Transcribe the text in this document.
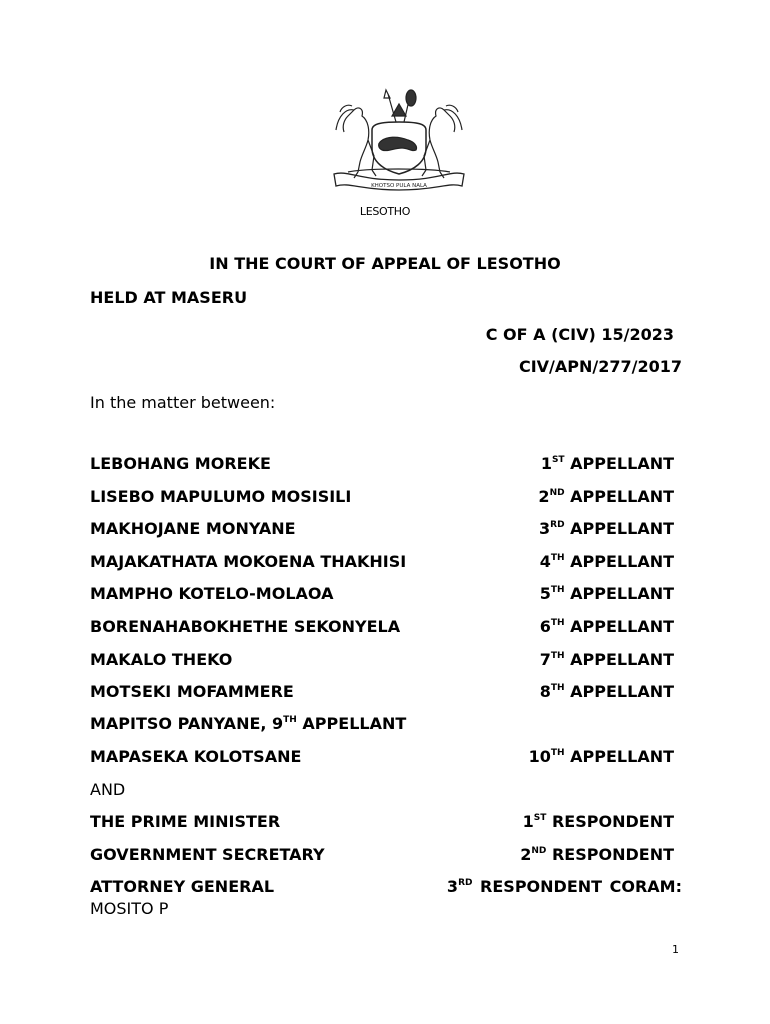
KHOTSO PULA NALA
LESOTHO
IN THE COURT OF APPEAL OF LESOTHO
HELD AT MASERU
C OF A (CIV) 15/2023
CIV/APN/277/2017
In the matter between:
LEBOHANG MOREKE	1ST APPELLANT
LISEBO MAPULUMO MOSISILI	2ND APPELLANT
MAKHOJANE MONYANE	3RD APPELLANT
MAJAKATHATA MOKOENA THAKHISI	4TH APPELLANT
MAMPHO KOTELO-MOLAOA	5TH APPELLANT
BORENAHABOKHETHE SEKONYELA	6TH APPELLANT
MAKALO THEKO	7TH APPELLANT
MOTSEKI MOFAMMERE	8TH APPELLANT
MAPITSO PANYANE, 9TH APPELLANT
MAPASEKA KOLOTSANE	10TH APPELLANT
AND
THE PRIME MINISTER	1ST RESPONDENT
GOVERNMENT SECRETARY	2ND RESPONDENT
ATTORNEY GENERAL	3RD RESPONDENT CORAM:
MOSITO P
1
